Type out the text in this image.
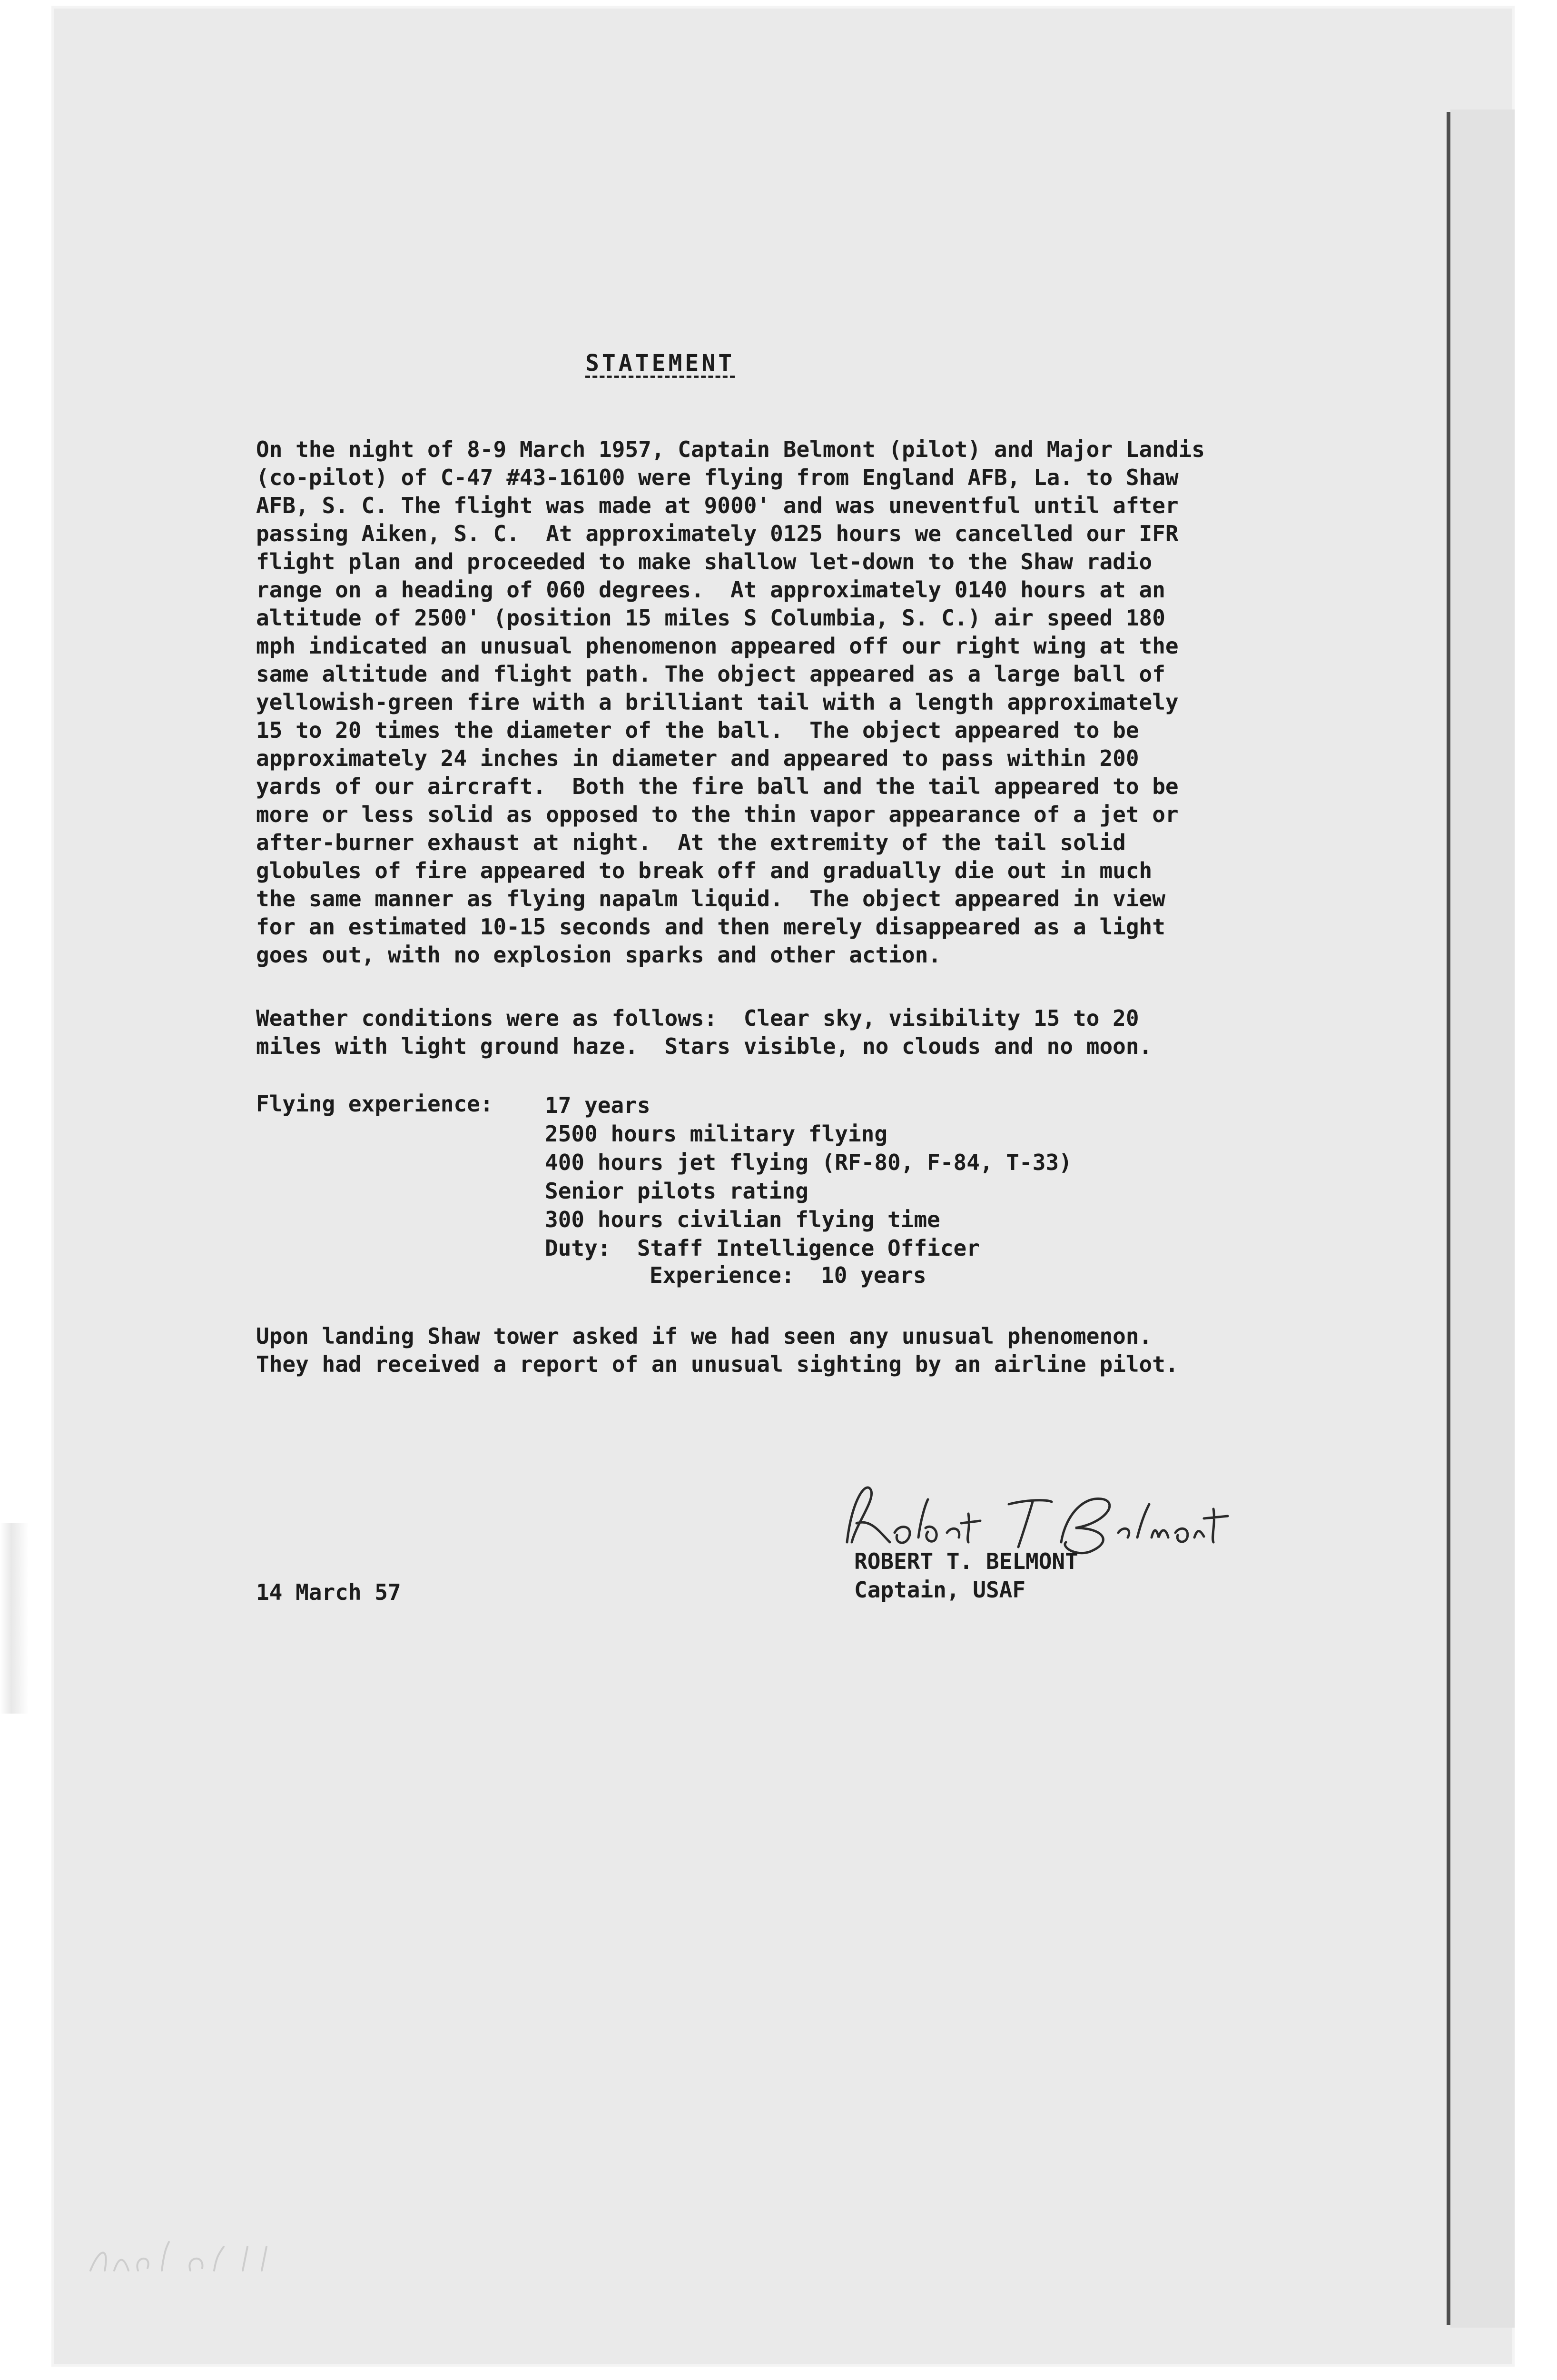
STATEMENT
On the night of 8-9 March 1957, Captain Belmont (pilot) and Major Landis
(co-pilot) of C-47 #43-16100 were flying from England AFB, La. to Shaw
AFB, S. C. The flight was made at 9000' and was uneventful until after
passing Aiken, S. C.  At approximately 0125 hours we cancelled our IFR
flight plan and proceeded to make shallow let-down to the Shaw radio
range on a heading of 060 degrees.  At approximately 0140 hours at an
altitude of 2500' (position 15 miles S Columbia, S. C.) air speed 180
mph indicated an unusual phenomenon appeared off our right wing at the
same altitude and flight path. The object appeared as a large ball of
yellowish-green fire with a brilliant tail with a length approximately
15 to 20 times the diameter of the ball.  The object appeared to be
approximately 24 inches in diameter and appeared to pass within 200
yards of our aircraft.  Both the fire ball and the tail appeared to be
more or less solid as opposed to the thin vapor appearance of a jet or
after-burner exhaust at night.  At the extremity of the tail solid
globules of fire appeared to break off and gradually die out in much
the same manner as flying napalm liquid.  The object appeared in view
for an estimated 10-15 seconds and then merely disappeared as a light
goes out, with no explosion sparks and other action.
Weather conditions were as follows:  Clear sky, visibility 15 to 20
miles with light ground haze.  Stars visible, no clouds and no moon.
Flying experience: 17 years
2500 hours military flying
400 hours jet flying (RF-80, F-84, T-33)
Senior pilots rating
300 hours civilian flying time
Duty:  Staff Intelligence Officer
Experience:  10 years
Upon landing Shaw tower asked if we had seen any unusual phenomenon.
They had received a report of an unusual sighting by an airline pilot.
ROBERT T. BELMONT
Captain, USAF
14 March 57
